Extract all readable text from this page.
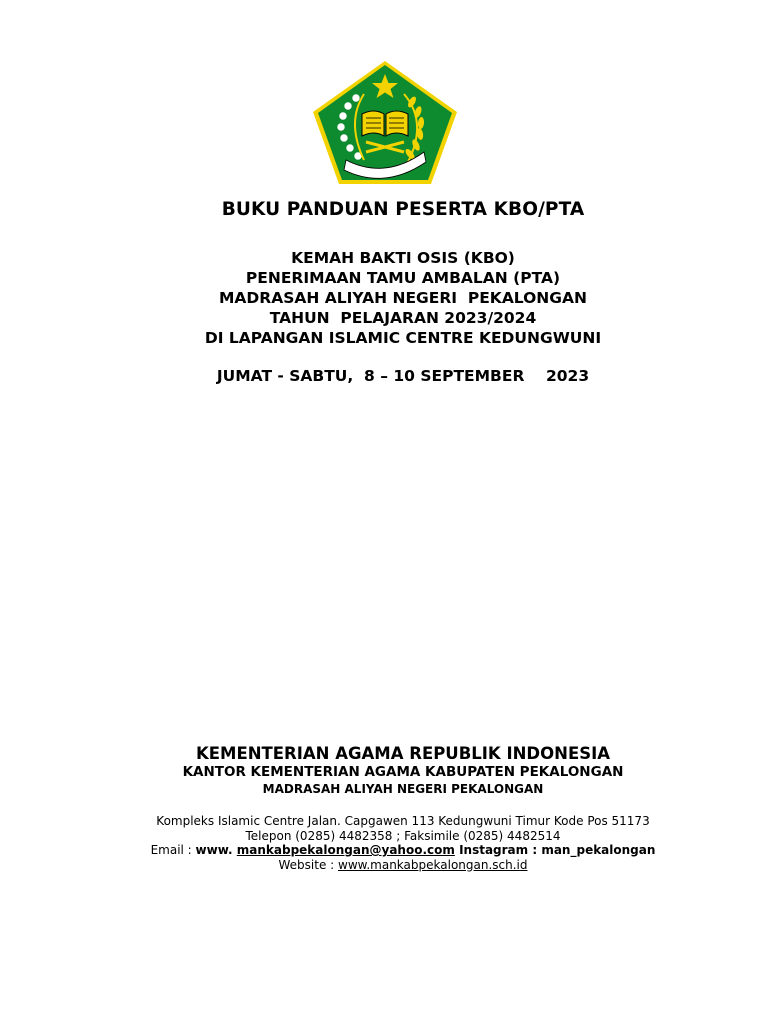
BUKU PANDUAN PESERTA KBO/PTA
KEMAH BAKTI OSIS (KBO)
PENERIMAAN TAMU AMBALAN (PTA)
MADRASAH ALIYAH NEGERI  PEKALONGAN
TAHUN  PELAJARAN 2023/2024
DI LAPANGAN ISLAMIC CENTRE KEDUNGWUNI
JUMAT - SABTU,  8 – 10 SEPTEMBER    2023
KEMENTERIAN AGAMA REPUBLIK INDONESIA
KANTOR KEMENTERIAN AGAMA KABUPATEN PEKALONGAN
MADRASAH ALIYAH NEGERI PEKALONGAN
Kompleks Islamic Centre Jalan. Capgawen 113 Kedungwuni Timur Kode Pos 51173
Telepon (0285) 4482358 ; Faksimile (0285) 4482514
Email : www. mankabpekalongan@yahoo.com Instagram : man_pekalongan
Website : www.mankabpekalongan.sch.id
